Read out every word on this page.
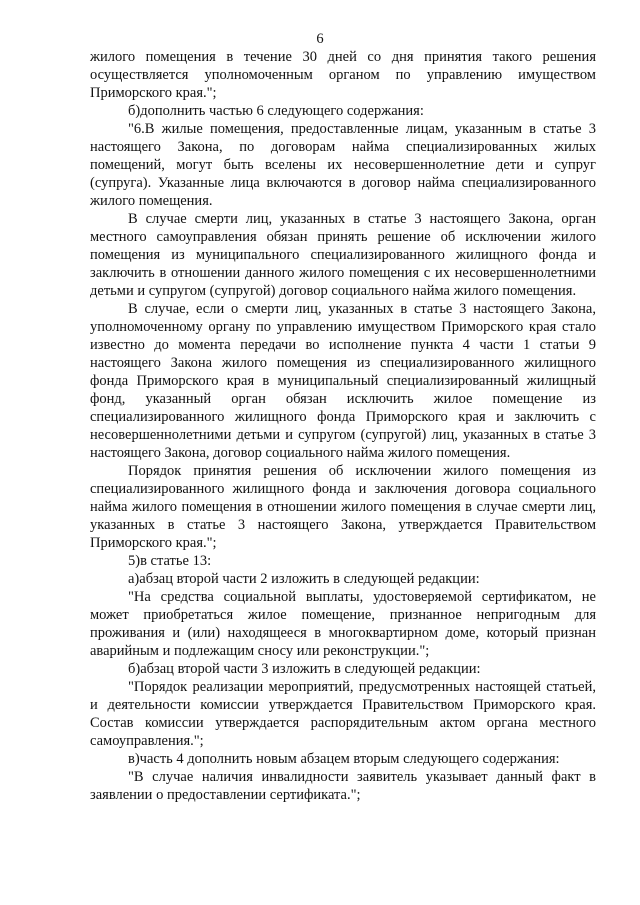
6

жилого помещения в течение 30 дней со дня принятия такого решения осуществляется уполномоченным органом по управлению имуществом Приморского края.";

б)дополнить частью 6 следующего содержания:

"6.В жилые помещения, предоставленные лицам, указанным в статье 3 настоящего Закона, по договорам найма специализированных жилых помещений, могут быть вселены их несовершеннолетние дети и супруг (супруга). Указанные лица включаются в договор найма специализированного жилого помещения.

В случае смерти лиц, указанных в статье 3 настоящего Закона, орган местного самоуправления обязан принять решение об исключении жилого помещения из муниципального специализированного жилищного фонда и заключить в отношении данного жилого помещения с их несовершеннолетними детьми и супругом (супругой) договор социального найма жилого помещения.

В случае, если о смерти лиц, указанных в статье 3 настоящего Закона, уполномоченному органу по управлению имуществом Приморского края стало известно до момента передачи во исполнение пункта 4 части 1 статьи 9 настоящего Закона жилого помещения из специализированного жилищного фонда Приморского края в муниципальный специализированный жилищный фонд, указанный орган обязан исключить жилое помещение из специализированного жилищного фонда Приморского края и заключить с несовершеннолетними детьми и супругом (супругой) лиц, указанных в статье 3 настоящего Закона, договор социального найма жилого помещения.

Порядок принятия решения об исключении жилого помещения из специализированного жилищного фонда и заключения договора социального найма жилого помещения в отношении жилого помещения в случае смерти лиц, указанных в статье 3 настоящего Закона, утверждается Правительством Приморского края.";

5)в статье 13:

а)абзац второй части 2 изложить в следующей редакции:

"На средства социальной выплаты, удостоверяемой сертификатом, не может приобретаться жилое помещение, признанное непригодным для проживания и (или) находящееся в многоквартирном доме, который признан аварийным и подлежащим сносу или реконструкции.";

б)абзац второй части 3 изложить в следующей редакции:

"Порядок реализации мероприятий, предусмотренных настоящей статьей, и деятельности комиссии утверждается Правительством Приморского края. Состав комиссии утверждается распорядительным актом органа местного самоуправления.";

в)часть 4 дополнить новым абзацем вторым следующего содержания:

"В случае наличия инвалидности заявитель указывает данный факт в заявлении о предоставлении сертификата.";
